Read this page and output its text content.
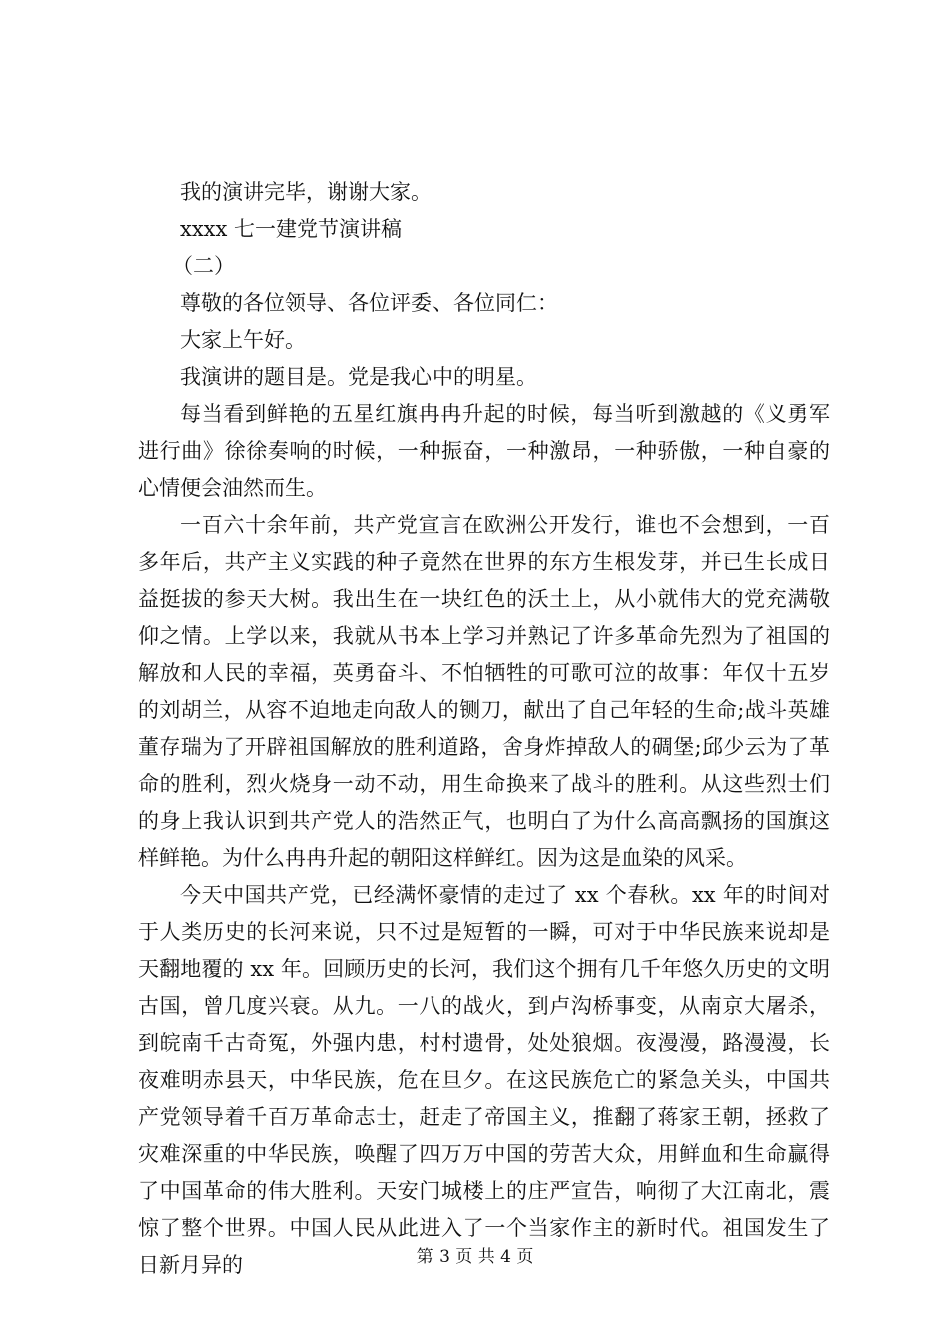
我的演讲完毕，谢谢大家。
xxxx 七一建党节演讲稿
（二）
尊敬的各位领导、各位评委、各位同仁：
大家上午好。
我演讲的题目是。党是我心中的明星。

每当看到鲜艳的五星红旗冉冉升起的时候，每当听到激越的《义勇军进行曲》徐徐奏响的时候，一种振奋，一种激昂，一种骄傲，一种自豪的心情便会油然而生。

一百六十余年前，共产党宣言在欧洲公开发行，谁也不会想到，一百多年后，共产主义实践的种子竟然在世界的东方生根发芽，并已生长成日益挺拔的参天大树。我出生在一块红色的沃土上，从小就伟大的党充满敬仰之情。上学以来，我就从书本上学习并熟记了许多革命先烈为了祖国的解放和人民的幸福，英勇奋斗、不怕牺牲的可歌可泣的故事：年仅十五岁的刘胡兰，从容不迫地走向敌人的铡刀，献出了自己年轻的生命;战斗英雄董存瑞为了开辟祖国解放的胜利道路，舍身炸掉敌人的碉堡;邱少云为了革命的胜利，烈火烧身一动不动，用生命换来了战斗的胜利。从这些烈士们的身上我认识到共产党人的浩然正气，也明白了为什么高高飘扬的国旗这样鲜艳。为什么冉冉升起的朝阳这样鲜红。因为这是血染的风采。

今天中国共产党，已经满怀豪情的走过了 xx 个春秋。xx 年的时间对于人类历史的长河来说，只不过是短暂的一瞬，可对于中华民族来说却是天翻地覆的 xx 年。回顾历史的长河，我们这个拥有几千年悠久历史的文明古国，曾几度兴衰。从九。一八的战火，到卢沟桥事变，从南京大屠杀，到皖南千古奇冤，外强内患，村村遗骨，处处狼烟。夜漫漫，路漫漫，长夜难明赤县天，中华民族，危在旦夕。在这民族危亡的紧急关头，中国共产党领导着千百万革命志士，赶走了帝国主义，推翻了蒋家王朝，拯救了灾难深重的中华民族，唤醒了四万万中国的劳苦大众，用鲜血和生命赢得了中国革命的伟大胜利。天安门城楼上的庄严宣告，响彻了大江南北，震惊了整个世界。中国人民从此进入了一个当家作主的新时代。祖国发生了日新月异的	第 3 页 共 4 页
